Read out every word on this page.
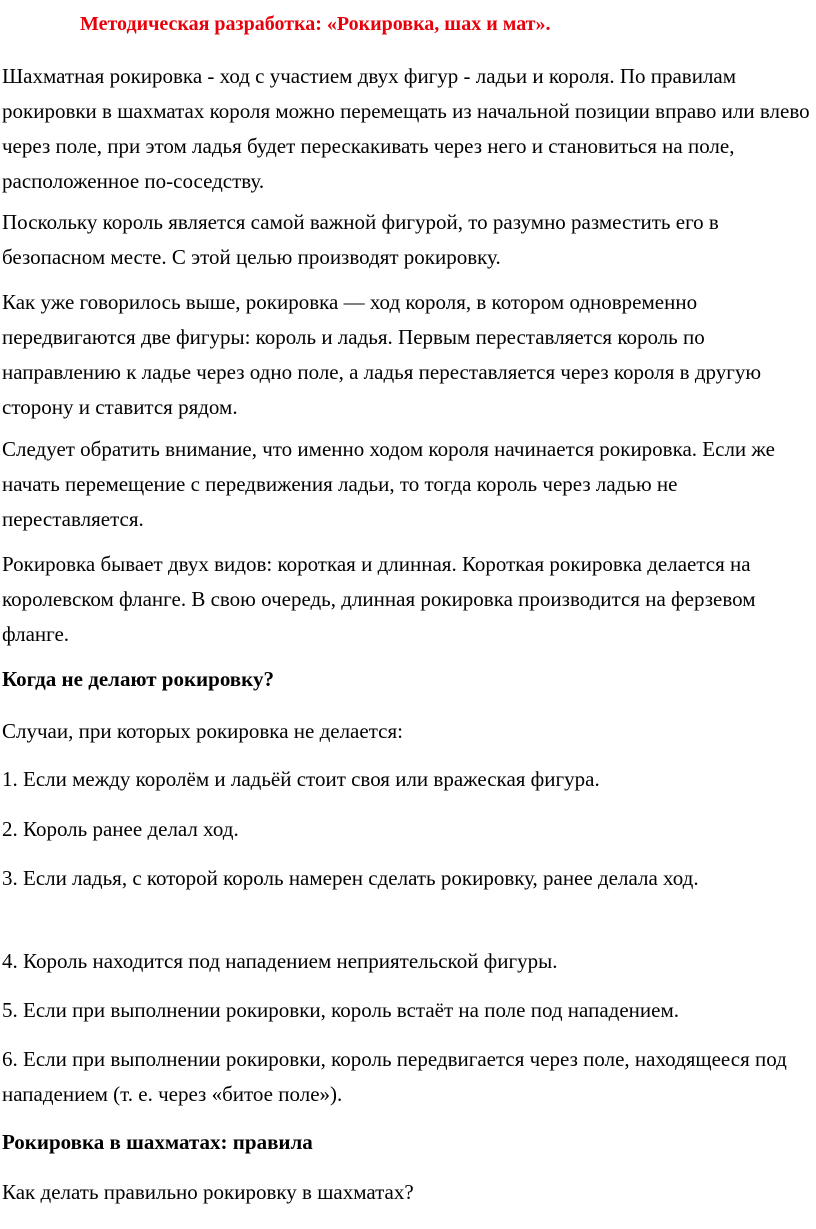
Методическая разработка: «Рокировка, шах и мат».

Шахматная рокировка - ход с участием двух фигур - ладьи и короля. По правилам рокировки в шахматах короля можно перемещать из начальной позиции вправо или влево через поле, при этом ладья будет перескакивать через него и становиться на поле, расположенное по-соседству.

Поскольку король является самой важной фигурой, то разумно разместить его в безопасном месте. С этой целью производят рокировку.

Как уже говорилось выше, рокировка — ход короля, в котором одновременно передвигаются две фигуры: король и ладья. Первым переставляется король по направлению к ладье через одно поле, а ладья переставляется через короля в другую сторону и ставится рядом.

Следует обратить внимание, что именно ходом короля начинается рокировка. Если же начать перемещение с передвижения ладьи, то тогда король через ладью не переставляется.

Рокировка бывает двух видов: короткая и длинная. Короткая рокировка делается на королевском фланге. В свою очередь, длинная рокировка производится на ферзевом фланге.

Когда не делают рокировку?

Случаи, при которых рокировка не делается:

1. Если между королём и ладьёй стоит своя или вражеская фигура.

2. Король ранее делал ход.

3. Если ладья, с которой король намерен сделать рокировку, ранее делала ход.

4. Король находится под нападением неприятельской фигуры.

5. Если при выполнении рокировки, король встаёт на поле под нападением.

6. Если при выполнении рокировки, король передвигается через поле, находящееся под нападением (т. е. через «битое поле»).

Рокировка в шахматах: правила

Как делать правильно рокировку в шахматах?
